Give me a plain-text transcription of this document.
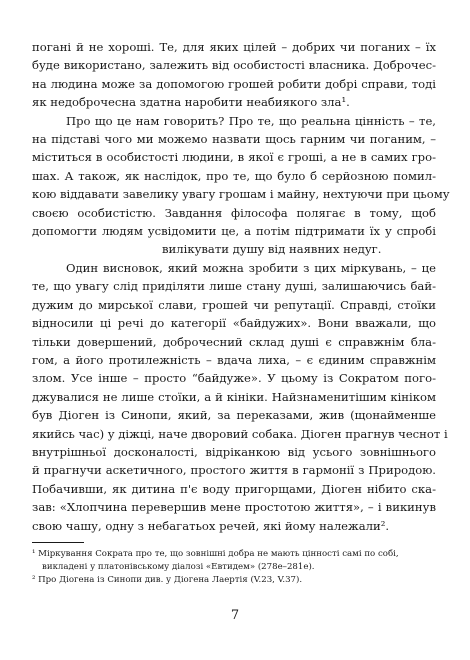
погані й не хороші. Те, для яких цілей – добрих чи поганих – їх
буде використано, залежить від особистості власника. Доброчес-
на людина може за допомогою грошей робити добрі справи, тоді
як недоброчесна здатна наробити неабиякого зла¹.

Про що це нам говорить? Про те, що реальна цінність – те,
на підставі чого ми можемо назвати щось гарним чи поганим, –
міститься в особистості людини, в якої є гроші, а не в самих гро-
шах. А також, як наслідок, про те, що було б серйозною помил-
кою віддавати завелику увагу грошам і майну, нехтуючи при цьому
своєю особистістю. Завдання філософа полягає в тому, щоб
допомогти людям усвідомити це, а потім підтримати їх у спробі
вилікувати душу від наявних недуг.

Один висновок, який можна зробити з цих міркувань, – це
те, що увагу слід приділяти лише стану душі, залишаючись бай-
дужим до мирської слави, грошей чи репутації. Справді, стоїки
відносили ці речі до категорії «байдужих». Вони вважали, що
тільки довершений, доброчесний склад душі є справжнім бла-
гом, а його протилежність – вдача лиха, – є єдиним справжнім
злом. Усе інше – просто “байдуже». У цьому із Сократом пого-
джувалися не лише стоїки, а й кініки. Найзнаменитішим кініком
був Діоген із Синопи, який, за переказами, жив (щонайменше
якийсь час) у діжці, наче дворовий собака. Діоген прагнув чеснот і
внутрішньої досконалості, відріканкою від усього зовнішнього
й прагнучи аскетичного, простого життя в гармонії з Природою.
Побачивши, як дитина п'є воду пригорщами, Діоген нібито ска-
зав: «Хлопчина перевершив мене простотою життя», – і викинув
свою чашу, одну з небагатьох речей, які йому належали².

¹ Міркування Сократа про те, що зовнішні добра не мають цінності самі по собі,
викладені у платонівському діалозі «Евтидем» (278e–281e).
² Про Діогена із Синопи див. у Діогена Лаертія (V.23, V.37).
7
